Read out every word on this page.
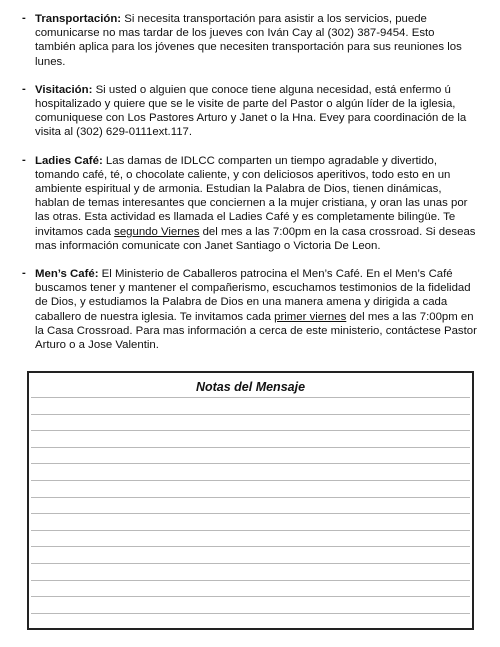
- Transportación: Si necesita transportación para asistir a los servicios, puede comunicarse no mas tardar de los jueves con Iván Cay al (302) 387-9454. Esto también aplica para los jóvenes que necesiten transportación para sus reuniones los lunes.
- Visitación: Si usted o alguien que conoce tiene alguna necesidad, está enfermo ú hospitalizado y quiere que se le visite de parte del Pastor o algún líder de la iglesia, comuniquese con Los Pastores Arturo y Janet o la Hna. Evey para coordinación de la visita al (302) 629-0111ext.117.
- Ladies Café: Las damas de IDLCC comparten un tiempo agradable y divertido, tomando café, té, o chocolate caliente, y con deliciosos aperitivos, todo esto en un ambiente espiritual y de armonia. Estudian la Palabra de Dios, tienen dinámicas, hablan de temas interesantes que conciernen a la mujer cristiana, y oran las unas por las otras. Esta actividad es llamada el Ladies Café y es completamente bilingüe. Te invitamos cada segundo Viernes del mes a las 7:00pm en la casa crossroad. Si deseas mas información comunicate con Janet Santiago o Victoria De Leon.
- Men’s Café: El Ministerio de Caballeros patrocina el Men’s Café. En el Men’s Café buscamos tener y mantener el compañerismo, escuchamos testimonios de la fidelidad de Dios, y estudiamos la Palabra de Dios en una manera amena y dirigida a cada caballero de nuestra iglesia. Te invitamos cada primer viernes del mes a las 7:00pm en la Casa Crossroad. Para mas información a cerca de este ministerio, contáctese Pastor Arturo o a Jose Valentin.
Notas del Mensaje
